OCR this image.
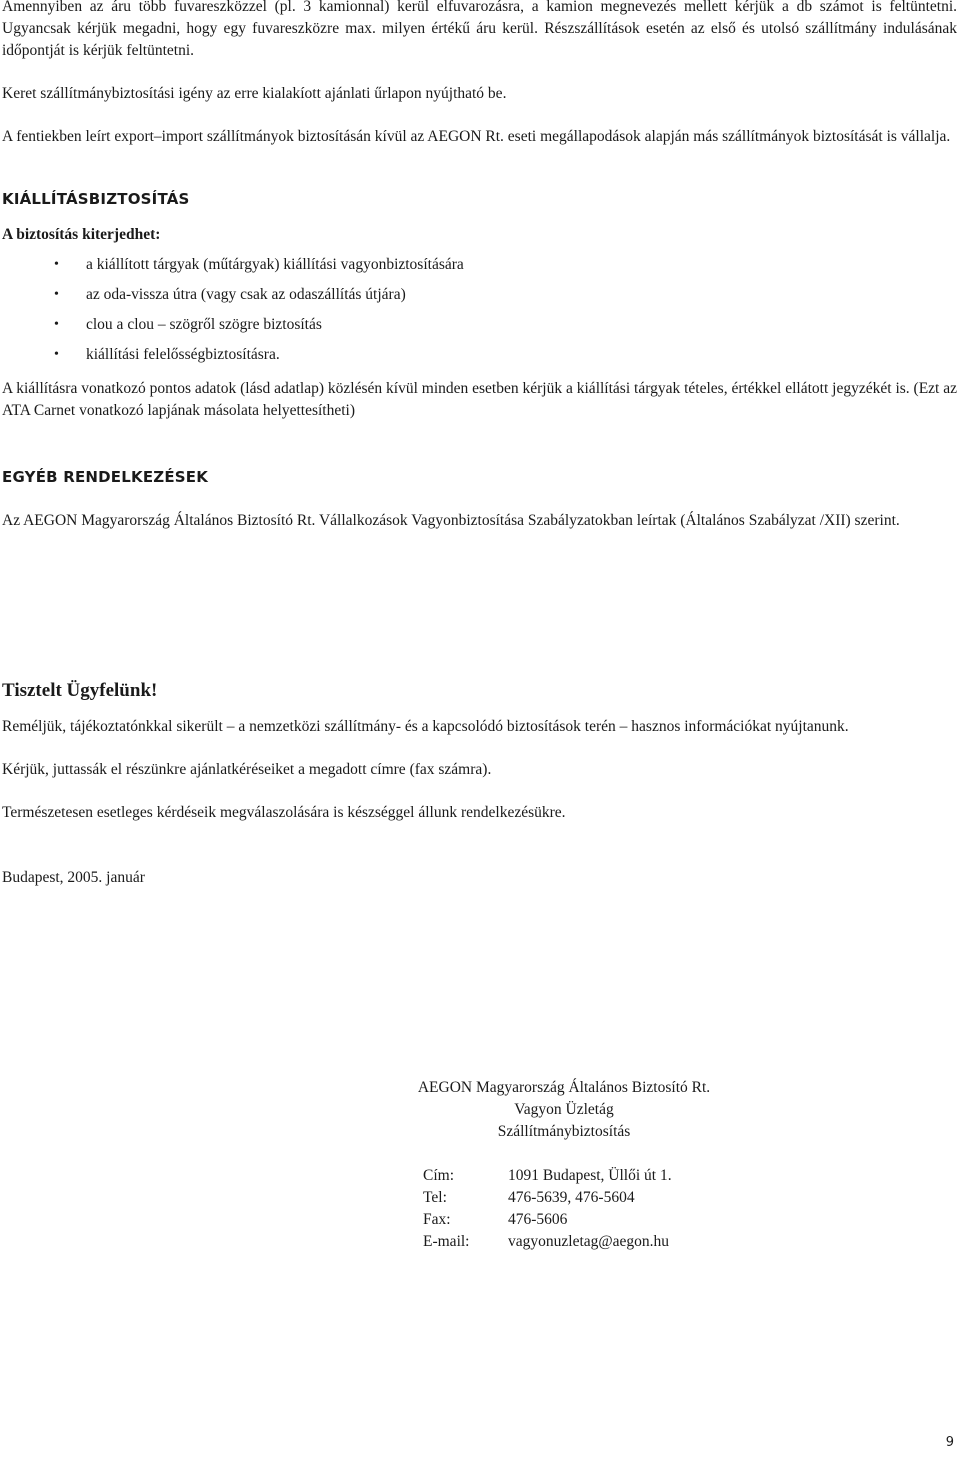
Amennyiben az áru több fuvareszközzel (pl. 3 kamionnal) kerül elfuvarozásra, a kamion megnevezés mellett kérjük a db számot is feltüntetni. Ugyancsak kérjük megadni, hogy egy fuvareszközre max. milyen értékű áru kerül. Részszállítások esetén az első és utolsó szállítmány indulásának időpontját is kérjük feltüntetni.

Keret szállítmánybiztosítási igény az erre kialakíott ajánlati űrlapon nyújtható be.

A fentiekben leírt export–import szállítmányok biztosításán kívül az AEGON Rt. eseti megállapodások alapján más szállítmányok biztosítását is vállalja.

KIÁLLÍTÁSBIZTOSÍTÁS

A biztosítás kiterjedhet:

• a kiállított tárgyak (műtárgyak) kiállítási vagyonbiztosítására
• az oda-vissza útra (vagy csak az odaszállítás útjára)
• clou a clou – szögről szögre biztosítás
• kiállítási felelősségbiztosításra.

A kiállításra vonatkozó pontos adatok (lásd adatlap) közlésén kívül minden esetben kérjük a kiállítási tárgyak tételes, értékkel ellátott jegyzékét is. (Ezt az ATA Carnet vonatkozó lapjának másolata helyettesítheti)

EGYÉB RENDELKEZÉSEK

Az AEGON Magyarország Általános Biztosító Rt. Vállalkozások Vagyonbiztosítása Szabályzatokban leírtak (Általános Szabályzat /XII) szerint.

Tisztelt Ügyfelünk!

Reméljük, tájékoztatónkkal sikerült – a nemzetközi szállítmány- és a kapcsolódó biztosítások terén – hasznos információkat nyújtanunk.

Kérjük, juttassák el részünkre ajánlatkéréseiket a megadott címre (fax számra).

Természetesen esetleges kérdéseik megválaszolására is készséggel állunk rendelkezésükre.

Budapest, 2005. január

AEGON Magyarország Általános Biztosító Rt.
Vagyon Üzletág
Szállítmánybiztosítás
Cím:	1091 Budapest, Üllői út 1.
Tel:	476-5639, 476-5604
Fax:	476-5606
E-mail:	vagyonuzletag@aegon.hu
9
